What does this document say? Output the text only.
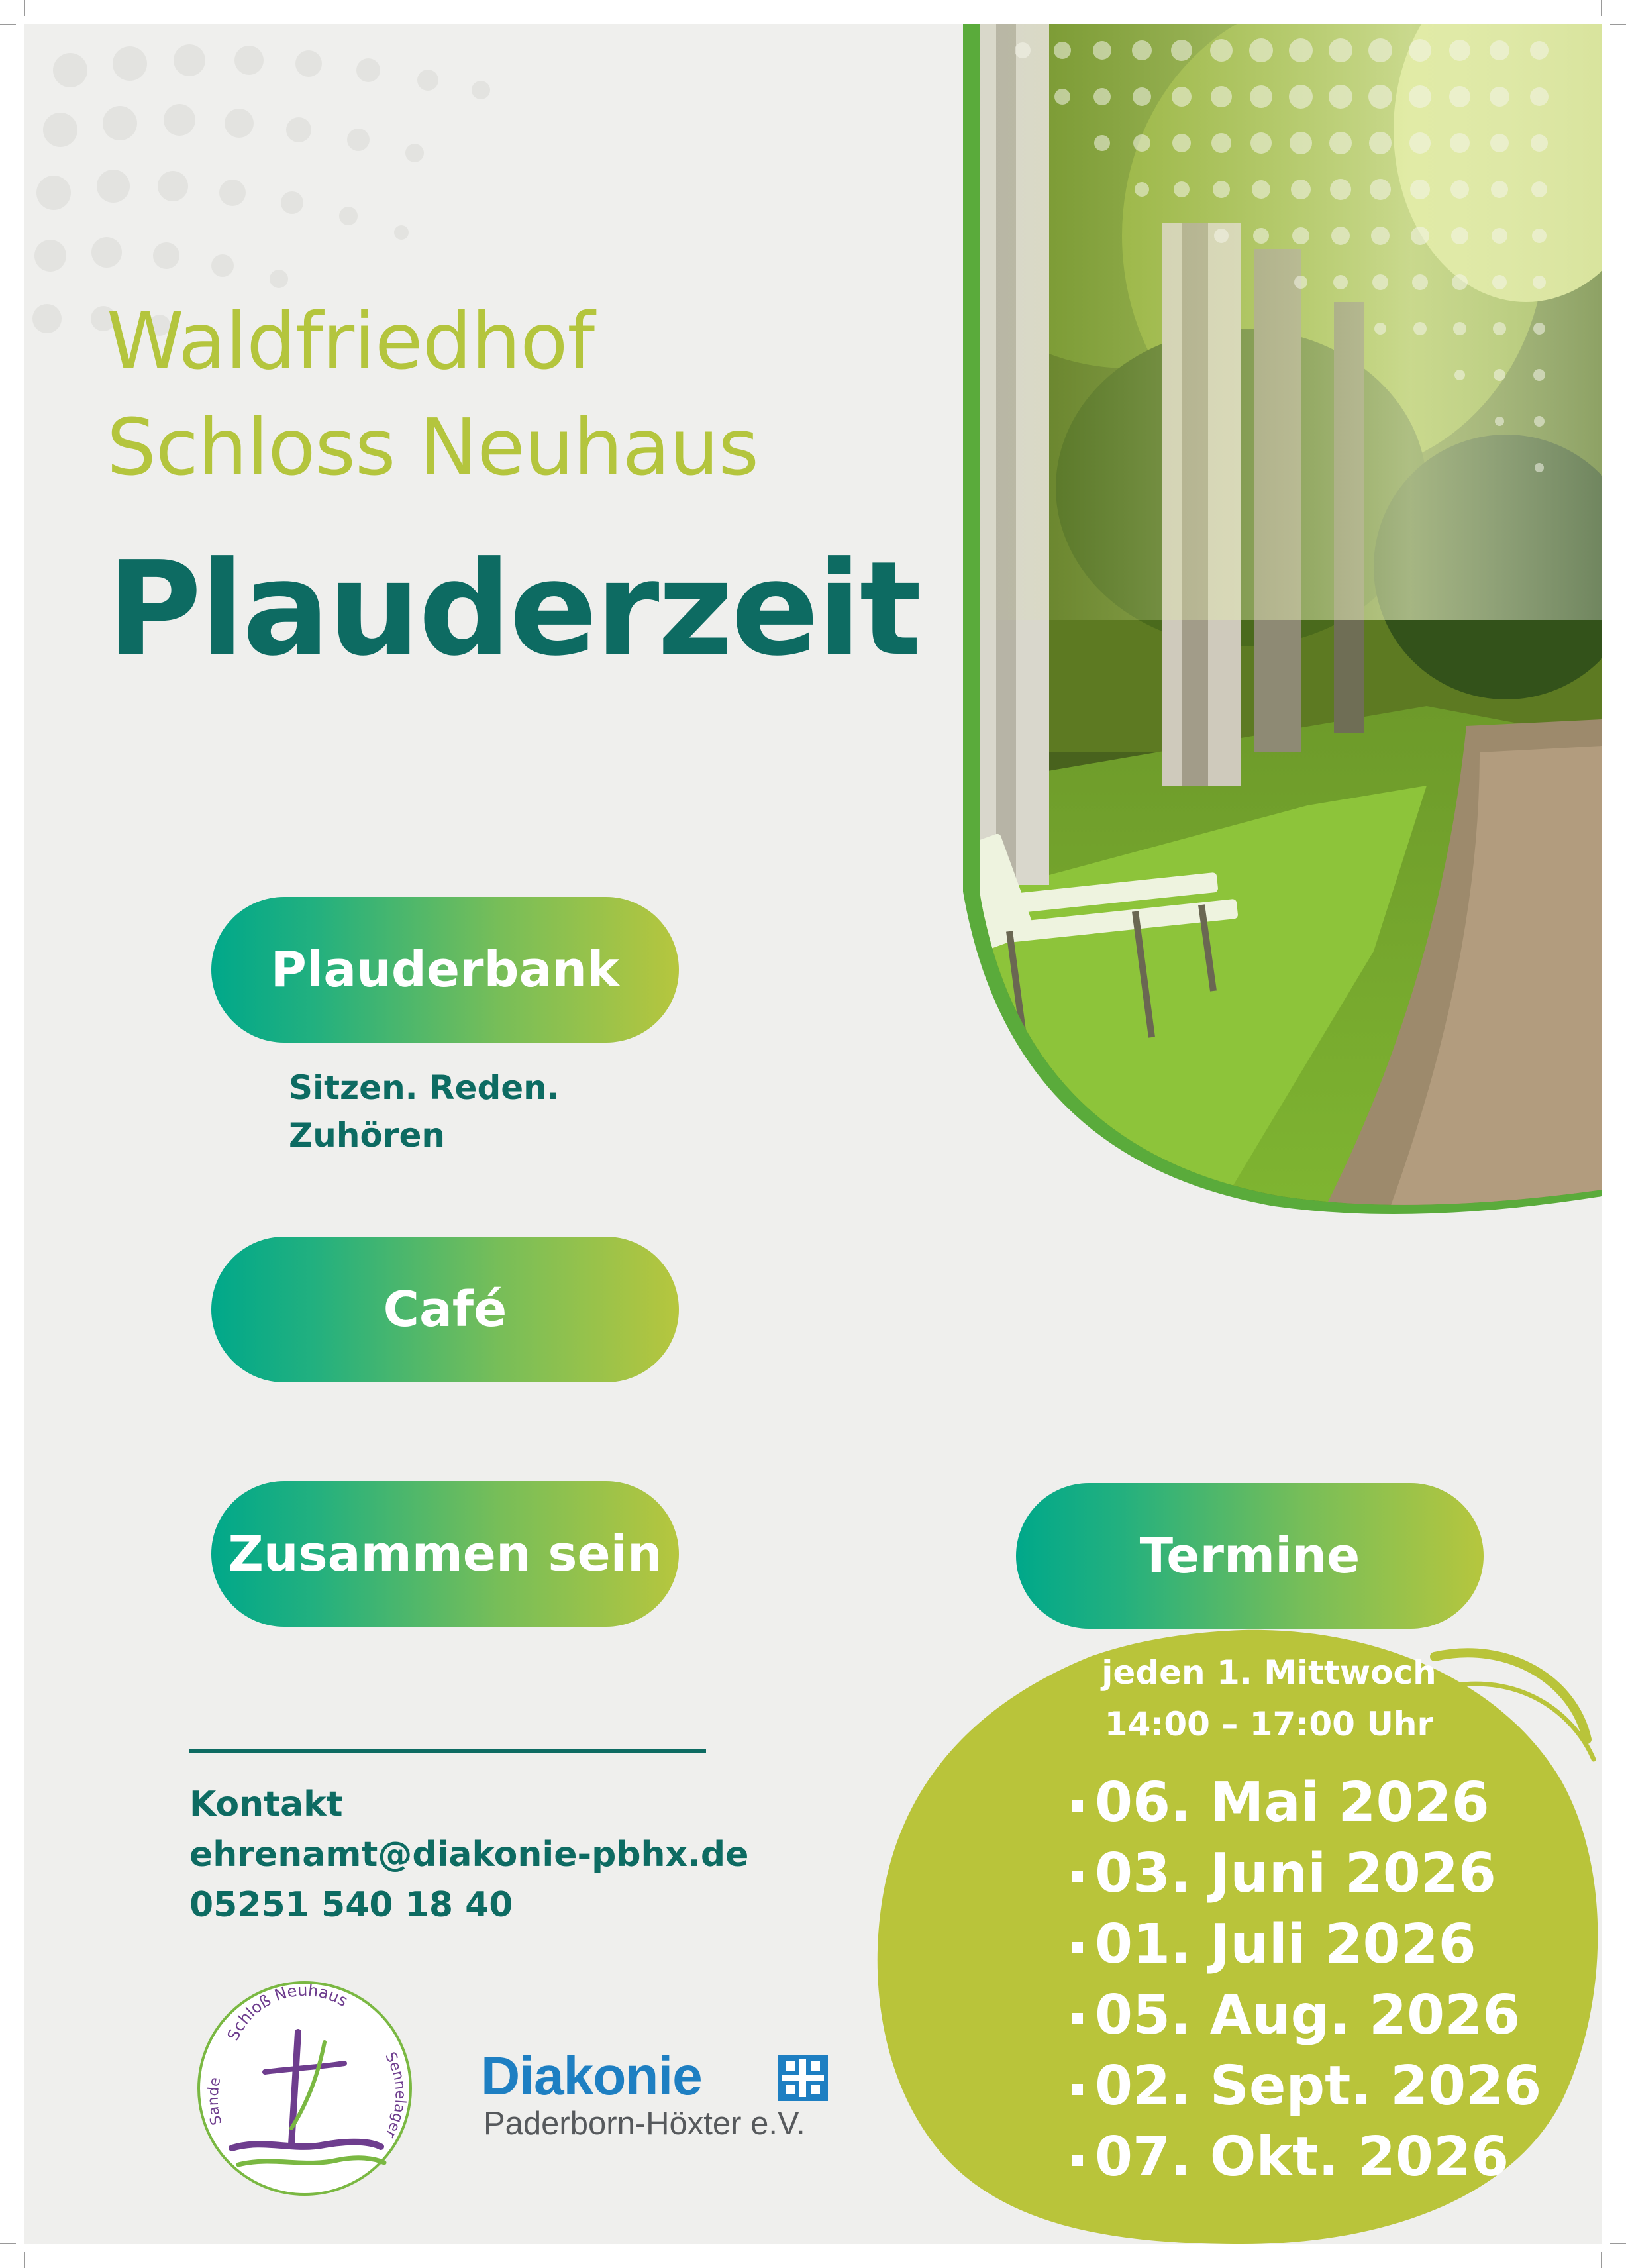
Waldfriedhof
Schloss Neuhaus
Plauderzeit
Plauderbank
Sitzen. Reden.
Zuhören
Café
Zusammen sein
Kontakt
ehrenamt@diakonie-pbhx.de
05251 540 18 40
Termine
jeden 1. Mittwoch
14:00 – 17:00 Uhr
06. Mai 2026
03. Juni 2026
01. Juli 2026
05. Aug. 2026
02. Sept. 2026
07. Okt. 2026
Schloß Neuhaus
Sande
Sennelager
Diakonie
Paderborn-Höxter e.V.
